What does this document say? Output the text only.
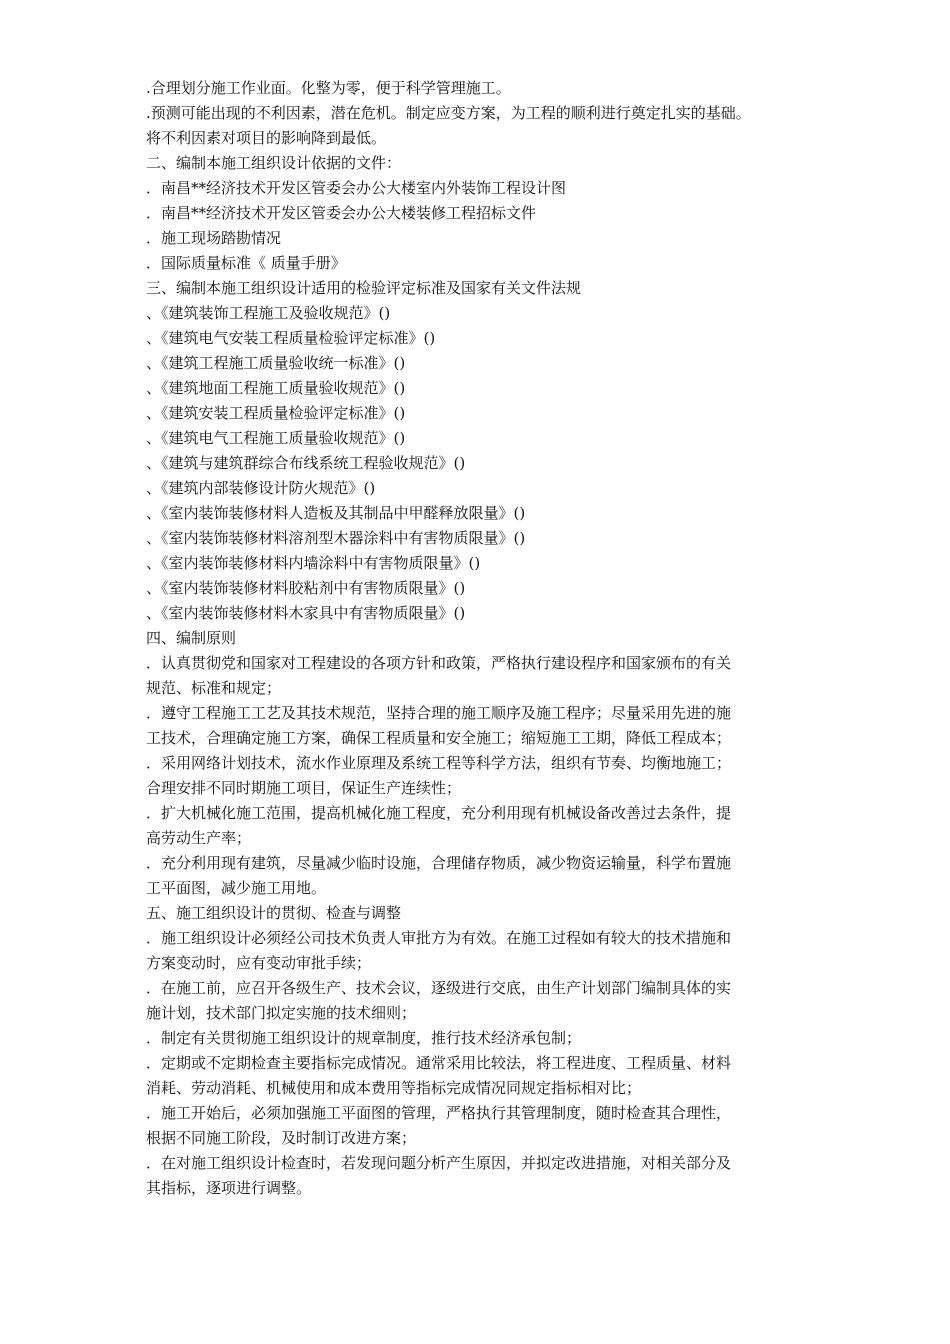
.合理划分施工作业面。化整为零，便于科学管理施工。
.预测可能出现的不利因素，潜在危机。制定应变方案，为工程的顺利进行奠定扎实的基础。
将不利因素对项目的影响降到最低。
二、编制本施工组织设计依据的文件：
．南昌**经济技术开发区管委会办公大楼室内外装饰工程设计图
．南昌**经济技术开发区管委会办公大楼装修工程招标文件
．施工现场踏勘情况
．国际质量标准《 质量手册》
三、编制本施工组织设计适用的检验评定标准及国家有关文件法规
、《建筑装饰工程施工及验收规范》()
、《建筑电气安装工程质量检验评定标准》()
、《建筑工程施工质量验收统一标准》()
、《建筑地面工程施工质量验收规范》()
、《建筑安装工程质量检验评定标准》()
、《建筑电气工程施工质量验收规范》()
、《建筑与建筑群综合布线系统工程验收规范》()
、《建筑内部装修设计防火规范》()
、《室内装饰装修材料人造板及其制品中甲醛释放限量》()
、《室内装饰装修材料溶剂型木器涂料中有害物质限量》()
、《室内装饰装修材料内墙涂料中有害物质限量》()
、《室内装饰装修材料胶粘剂中有害物质限量》()
、《室内装饰装修材料木家具中有害物质限量》()
四、编制原则
．认真贯彻党和国家对工程建设的各项方针和政策，严格执行建设程序和国家颁布的有关
规范、标准和规定；
．遵守工程施工工艺及其技术规范，坚持合理的施工顺序及施工程序；尽量采用先进的施
工技术，合理确定施工方案，确保工程质量和安全施工；缩短施工工期，降低工程成本；
．采用网络计划技术，流水作业原理及系统工程等科学方法，组织有节奏、均衡地施工；
合理安排不同时期施工项目，保证生产连续性；
．扩大机械化施工范围，提高机械化施工程度，充分利用现有机械设备改善过去条件，提
高劳动生产率；
．充分利用现有建筑，尽量减少临时设施，合理储存物质，减少物资运输量，科学布置施
工平面图，减少施工用地。
五、施工组织设计的贯彻、检查与调整
．施工组织设计必须经公司技术负责人审批方为有效。在施工过程如有较大的技术措施和
方案变动时，应有变动审批手续；
．在施工前，应召开各级生产、技术会议，逐级进行交底，由生产计划部门编制具体的实
施计划，技术部门拟定实施的技术细则；
．制定有关贯彻施工组织设计的规章制度，推行技术经济承包制；
．定期或不定期检查主要指标完成情况。通常采用比较法，将工程进度、工程质量、材料
消耗、劳动消耗、机械使用和成本费用等指标完成情况同规定指标相对比；
．施工开始后，必须加强施工平面图的管理，严格执行其管理制度，随时检查其合理性，
根据不同施工阶段，及时制订改进方案；
．在对施工组织设计检查时，若发现问题分析产生原因，并拟定改进措施，对相关部分及
其指标，逐项进行调整。
